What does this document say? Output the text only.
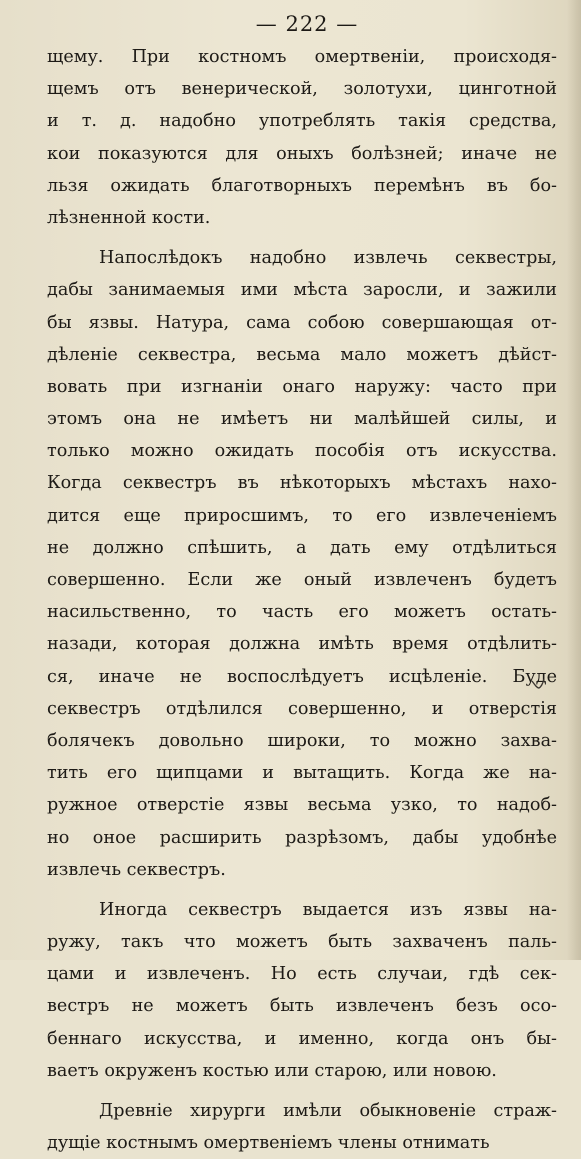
— 222 —
щему. При костномъ омертвенiи, происходя-
щемъ отъ венерической, золотухи, цинготной
и т. д. надобно употреблять такiя средства,
кои показуются для оныхъ болѣзней; иначе не
льзя ожидать благотворныхъ перемѣнъ въ бо-
лѣзненной кости.
Напослѣдокъ надобно извлечь секвестры,
дабы занимаемыя ими мѣста заросли, и зажили
бы язвы. Натура, сама собою совершающая от-
дѣленiе секвестра, весьма мало можетъ дѣйст-
вовать при изгнанiи онаго наружу: часто при
этомъ она не имѣетъ ни малѣйшей силы, и
только можно ожидать пособiя отъ искусства.
Когда секвестръ въ нѣкоторыхъ мѣстахъ нахо-
дится еще приросшимъ, то его извлеченiемъ
не должно спѣшить, а дать ему отдѣлиться
совершенно. Если же оный извлеченъ будетъ
насильственно, то часть его можетъ остать-
назади, которая должна имѣть время отдѣлить-
ся, иначе не воспослѣдуетъ исцѣленiе. Буде
секвестръ отдѣлился совершенно, и отверстiя
болячекъ довольно широки, то можно захва-
тить его щипцами и вытащить. Когда же на-
ружное отверстiе язвы весьма узко, то надоб-
но оное расширить разрѣзомъ, дабы удобнѣе
извлечь секвестръ.
Иногда секвестръ выдается изъ язвы на-
ружу, такъ что можетъ быть захваченъ паль-
цами и извлеченъ. Но есть случаи, гдѣ сек-
вестръ не можетъ быть извлеченъ безъ осо-
беннаго искусства, и именно, когда онъ бы-
ваетъ окруженъ костью или старою, или новою.
Древнiе хирурги имѣли обыкновенiе страж-
дущiе костнымъ омертвенiемъ члены отнимать
